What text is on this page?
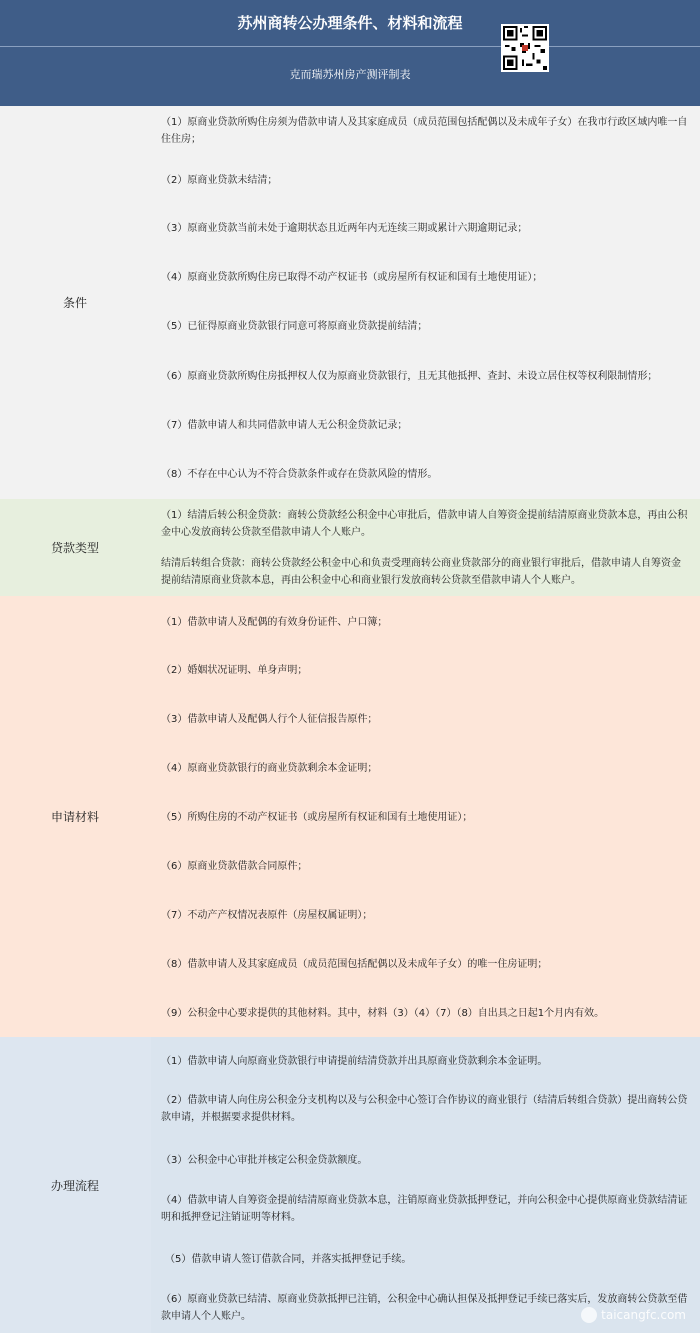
苏州商转公办理条件、材料和流程
克而瑞苏州房产测评制表
条件
（1）原商业贷款所购住房须为借款申请人及其家庭成员（成员范围包括配偶以及未成年子女）在我市行政区域内唯一自住住房；
（2）原商业贷款未结清；
（3）原商业贷款当前未处于逾期状态且近两年内无连续三期或累计六期逾期记录；
（4）原商业贷款所购住房已取得不动产权证书（或房屋所有权证和国有土地使用证）；
（5）已征得原商业贷款银行同意可将原商业贷款提前结清；
（6）原商业贷款所购住房抵押权人仅为原商业贷款银行，且无其他抵押、查封、未设立居住权等权利限制情形；
（7）借款申请人和共同借款申请人无公积金贷款记录；
（8）不存在中心认为不符合贷款条件或存在贷款风险的情形。
贷款类型
（1）结清后转公积金贷款：商转公贷款经公积金中心审批后，借款申请人自筹资金提前结清原商业贷款本息，再由公积金中心发放商转公贷款至借款申请人个人账户。
结清后转组合贷款：商转公贷款经公积金中心和负责受理商转公商业贷款部分的商业银行审批后，借款申请人自筹资金提前结清原商业贷款本息，再由公积金中心和商业银行发放商转公贷款至借款申请人个人账户。
申请材料
（1）借款申请人及配偶的有效身份证件、户口簿；
（2）婚姻状况证明、单身声明；
（3）借款申请人及配偶人行个人征信报告原件；
（4）原商业贷款银行的商业贷款剩余本金证明；
（5）所购住房的不动产权证书（或房屋所有权证和国有土地使用证）；
（6）原商业贷款借款合同原件；
（7）不动产产权情况表原件（房屋权属证明）；
（8）借款申请人及其家庭成员（成员范围包括配偶以及未成年子女）的唯一住房证明；
（9）公积金中心要求提供的其他材料。其中，材料（3）（4）（7）（8）自出具之日起1个月内有效。
办理流程
（1）借款申请人向原商业贷款银行申请提前结清贷款并出具原商业贷款剩余本金证明。
（2）借款申请人向住房公积金分支机构以及与公积金中心签订合作协议的商业银行（结清后转组合贷款）提出商转公贷款申请，并根据要求提供材料。
（3）公积金中心审批并核定公积金贷款额度。
（4）借款申请人自筹资金提前结清原商业贷款本息，注销原商业贷款抵押登记，并向公积金中心提供原商业贷款结清证明和抵押登记注销证明等材料。
（5）借款申请人签订借款合同，并落实抵押登记手续。
（6）原商业贷款已结清、原商业贷款抵押已注销，公积金中心确认担保及抵押登记手续已落实后，发放商转公贷款至借款申请人个人账户。	taicangfc.com
